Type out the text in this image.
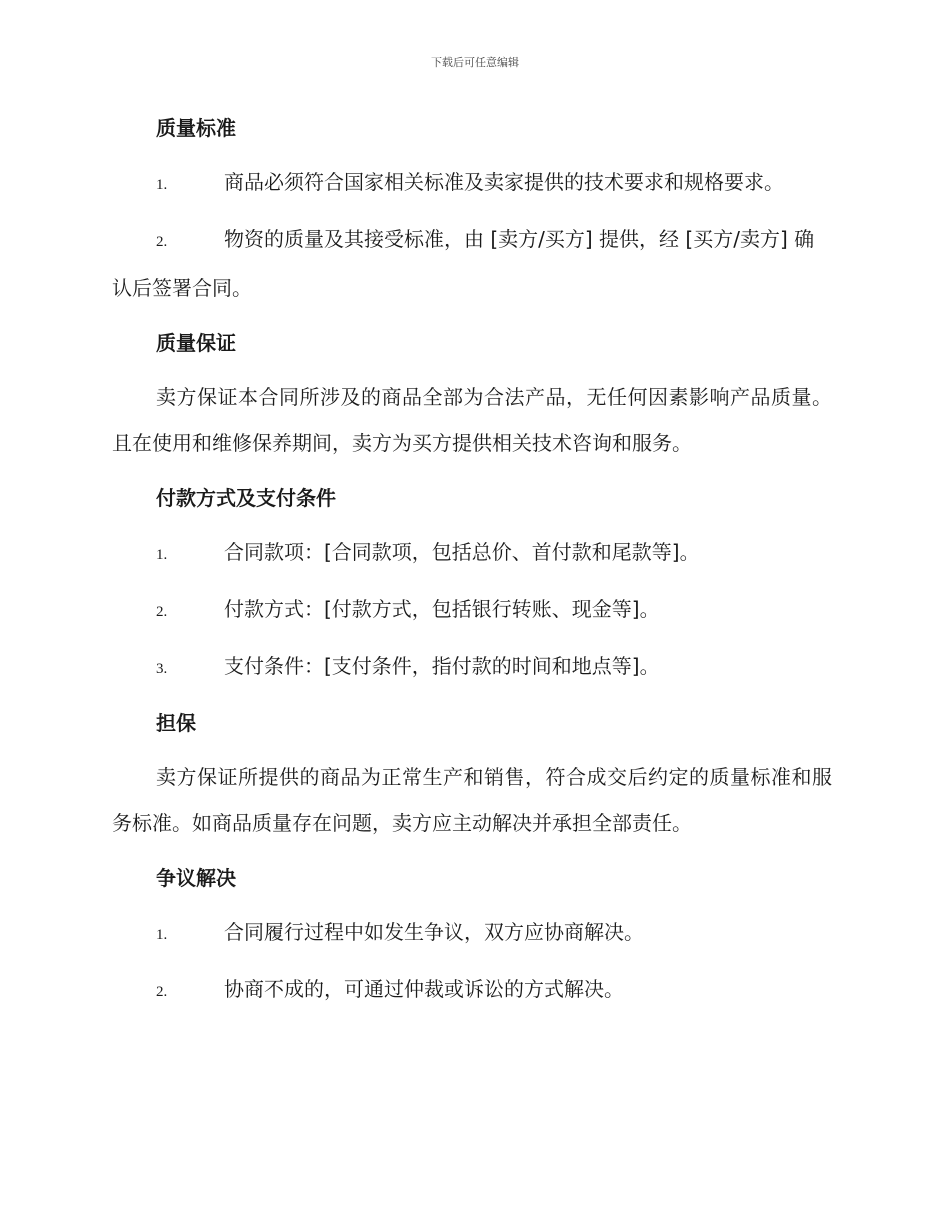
下载后可任意编辑
质量标准
1.	商品必须符合国家相关标准及卖家提供的技术要求和规格要求。
2.	物资的质量及其接受标准，由 [卖方/买方] 提供，经 [买方/卖方] 确认后签署合同。
质量保证
卖方保证本合同所涉及的商品全部为合法产品，无任何因素影响产品质量。且在使用和维修保养期间，卖方为买方提供相关技术咨询和服务。
付款方式及支付条件
1.	合同款项：[合同款项，包括总价、首付款和尾款等]。
2.	付款方式：[付款方式，包括银行转账、现金等]。
3.	支付条件：[支付条件，指付款的时间和地点等]。
担保
卖方保证所提供的商品为正常生产和销售，符合成交后约定的质量标准和服务标准。如商品质量存在问题，卖方应主动解决并承担全部责任。
争议解决
1.	合同履行过程中如发生争议，双方应协商解决。
2.	协商不成的，可通过仲裁或诉讼的方式解决。
